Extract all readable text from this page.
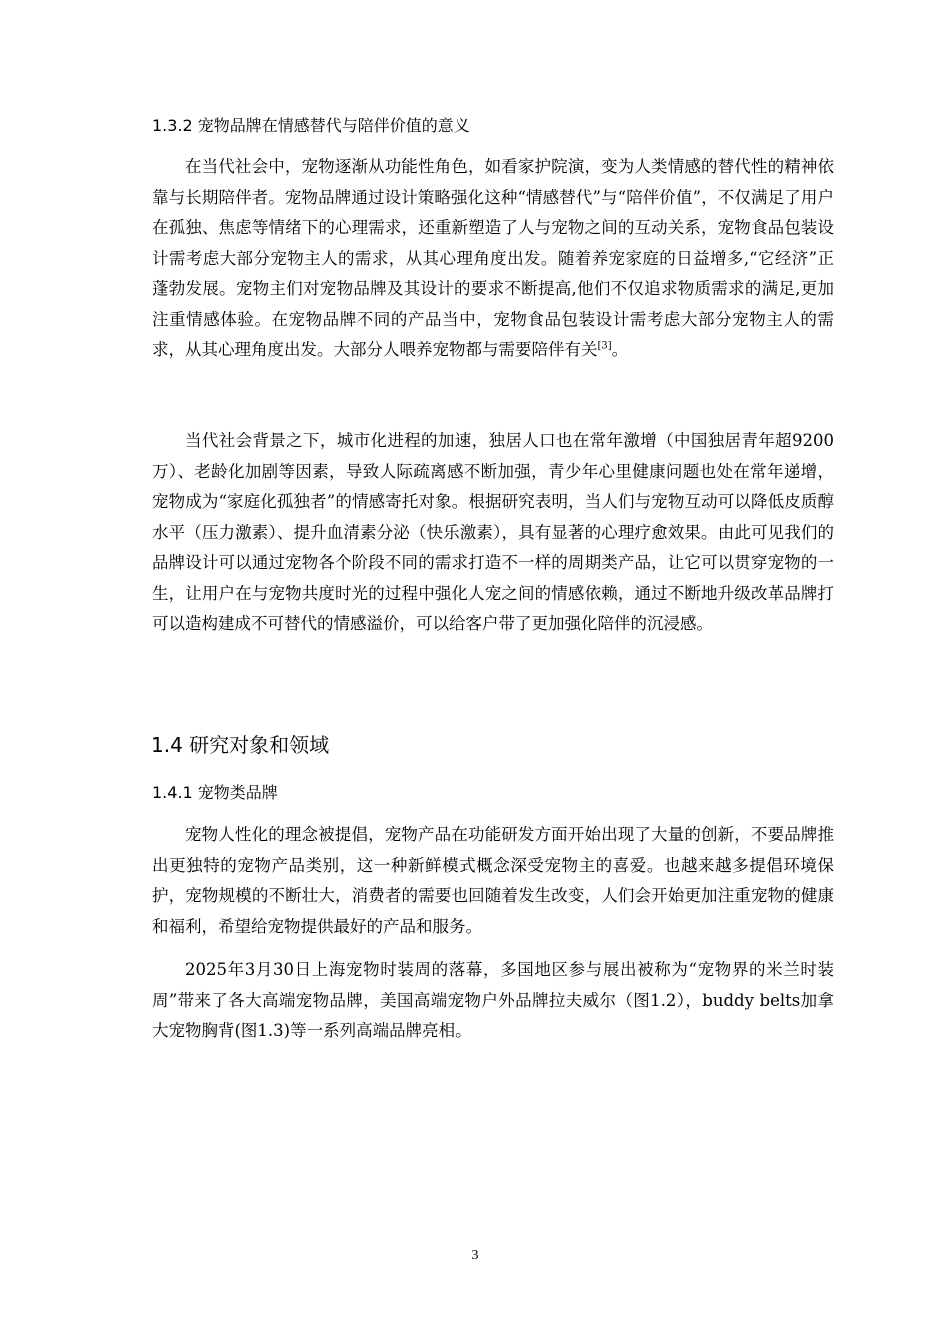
1.3.2 宠物品牌在情感替代与陪伴价值的意义

在当代社会中，宠物逐渐从功能性角色，如看家护院演，变为人类情感的替代性的精神依靠与长期陪伴者。宠物品牌通过设计策略强化这种“情感替代”与“陪伴价值”，不仅满足了用户在孤独、焦虑等情绪下的心理需求，还重新塑造了人与宠物之间的互动关系，宠物食品包装设计需考虑大部分宠物主人的需求，从其心理角度出发。随着养宠家庭的日益增多,“它经济”正蓬勃发展。宠物主们对宠物品牌及其设计的要求不断提高,他们不仅追求物质需求的满足,更加注重情感体验。在宠物品牌不同的产品当中，宠物食品包装设计需考虑大部分宠物主人的需求，从其心理角度出发。大部分人喂养宠物都与需要陪伴有关[3]。

当代社会背景之下，城市化进程的加速，独居人口也在常年激增（中国独居青年超9200万）、老龄化加剧等因素，导致人际疏离感不断加强，青少年心里健康问题也处在常年递增，宠物成为“家庭化孤独者”的情感寄托对象。根据研究表明，当人们与宠物互动可以降低皮质醇水平（压力激素）、提升血清素分泌（快乐激素），具有显著的心理疗愈效果。由此可见我们的品牌设计可以通过宠物各个阶段不同的需求打造不一样的周期类产品，让它可以贯穿宠物的一生，让用户在与宠物共度时光的过程中强化人宠之间的情感依赖，通过不断地升级改革品牌打可以造构建成不可替代的情感溢价，可以给客户带了更加强化陪伴的沉浸感。

1.4 研究对象和领域
1.4.1 宠物类品牌

宠物人性化的理念被提倡，宠物产品在功能研发方面开始出现了大量的创新，不要品牌推出更独特的宠物产品类别，这一种新鲜模式概念深受宠物主的喜爱。也越来越多提倡环境保护，宠物规模的不断壮大，消费者的需要也回随着发生改变，人们会开始更加注重宠物的健康和福利，希望给宠物提供最好的产品和服务。

2025年3月30日上海宠物时装周的落幕，多国地区参与展出被称为“宠物界的米兰时装周”带来了各大高端宠物品牌，美国高端宠物户外品牌拉夫威尔（图1.2），buddy belts加拿大宠物胸背(图1.3)等一系列高端品牌亮相。

3
